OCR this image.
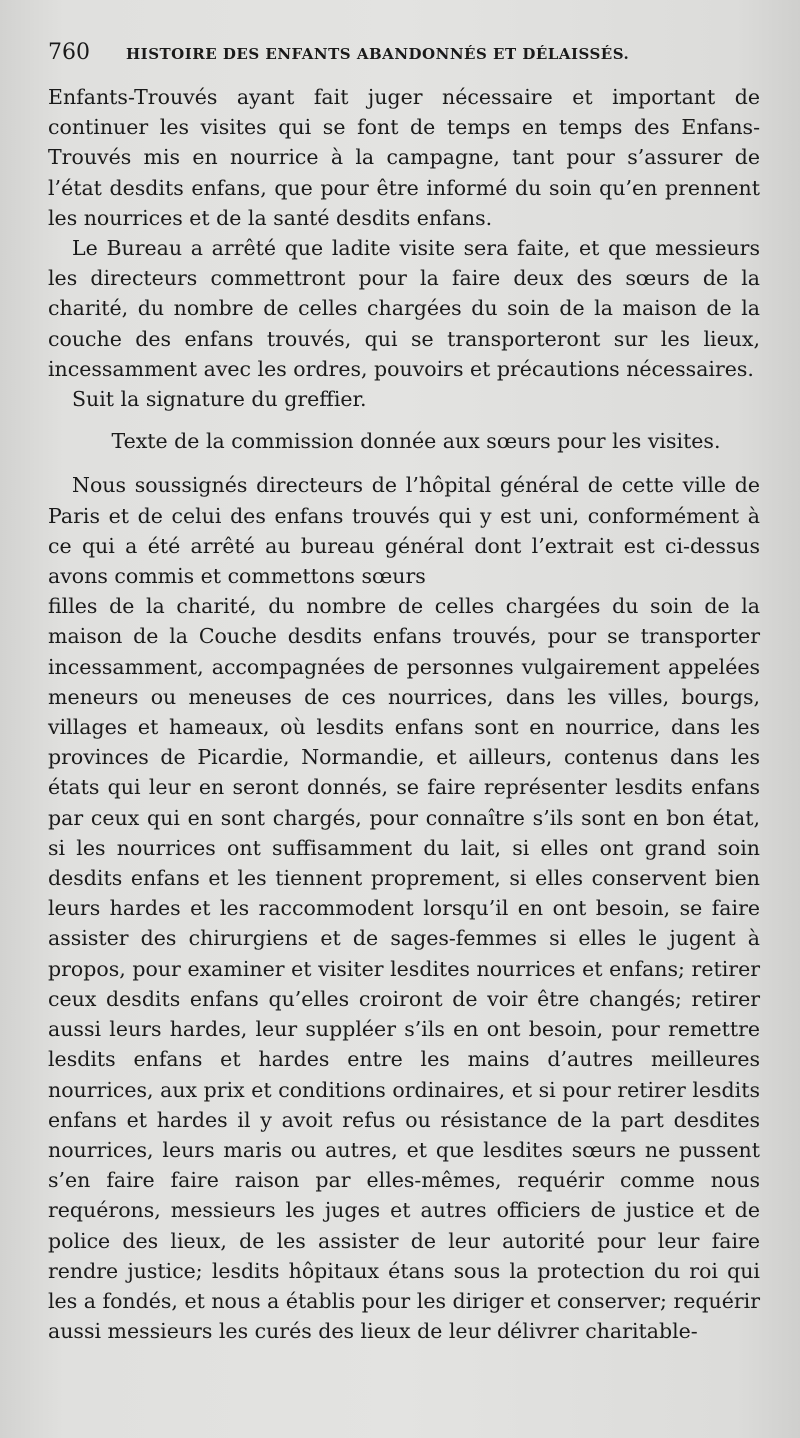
760	HISTOIRE DES ENFANTS ABANDONNÉS ET DÉLAISSÉS.

Enfants-Trouvés ayant fait juger nécessaire et important de continuer les visites qui se font de temps en temps des Enfans-Trouvés mis en nourrice à la campagne, tant pour s’assurer de l’état desdits enfans, que pour être informé du soin qu’en prennent les nourrices et de la santé desdits enfans.

Le Bureau a arrêté que ladite visite sera faite, et que messieurs les directeurs commettront pour la faire deux des sœurs de la charité, du nombre de celles chargées du soin de la maison de la couche des enfans trouvés, qui se transporteront sur les lieux, incessamment avec les ordres, pouvoirs et précautions nécessaires.

Suit la signature du greffier.

Texte de la commission donnée aux sœurs pour les visites.

Nous soussignés directeurs de l’hôpital général de cette ville de Paris et de celui des enfans trouvés qui y est uni, conformément à ce qui a été arrêté au bureau général dont l’extrait est ci-dessus avons commis et commettons sœurs

filles de la charité, du nombre de celles chargées du soin de la maison de la Couche desdits enfans trouvés, pour se transporter incessamment, accompagnées de personnes vulgairement appelées meneurs ou meneuses de ces nourrices, dans les villes, bourgs, villages et hameaux, où lesdits enfans sont en nourrice, dans les provinces de Picardie, Normandie, et ailleurs, contenus dans les états qui leur en seront donnés, se faire représenter lesdits enfans par ceux qui en sont chargés, pour connaître s’ils sont en bon état, si les nourrices ont suffisamment du lait, si elles ont grand soin desdits enfans et les tiennent proprement, si elles conservent bien leurs hardes et les raccommodent lorsqu’il en ont besoin, se faire assister des chirurgiens et de sages-femmes si elles le jugent à propos, pour examiner et visiter lesdites nourrices et enfans; retirer ceux desdits enfans qu’elles croiront de voir être changés; retirer aussi leurs hardes, leur suppléer s’ils en ont besoin, pour remettre lesdits enfans et hardes entre les mains d’autres meilleures nourrices, aux prix et conditions ordinaires, et si pour retirer lesdits enfans et hardes il y avoit refus ou résistance de la part desdites nourrices, leurs maris ou autres, et que lesdites sœurs ne pussent s’en faire faire raison par elles-mêmes, requérir comme nous requérons, messieurs les juges et autres officiers de justice et de police des lieux, de les assister de leur autorité pour leur faire rendre justice; lesdits hôpitaux étans sous la protection du roi qui les a fondés, et nous a établis pour les diriger et conserver; requérir aussi messieurs les curés des lieux de leur délivrer charitable-
